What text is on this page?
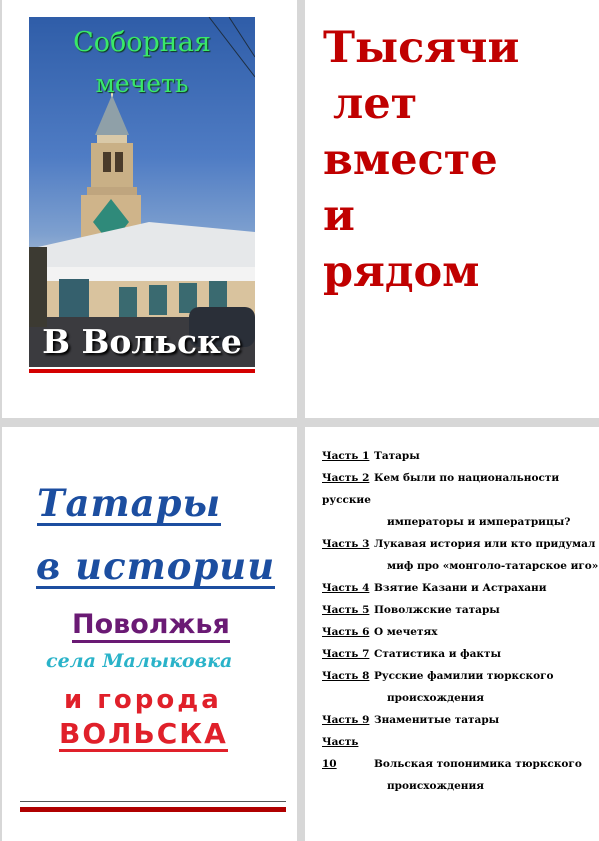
Соборная
мечеть
В Вольске
Тысячи
лет
вместе
и
рядом
Татары
в истории
Поволжья
села Малыковка
и города
ВОЛЬСКА
Часть 1 Татары
Часть 2 Кем были по национальности русские
императоры и императрицы?
Часть 3 Лукавая история или кто придумал
миф про «монголо-татарское иго»
Часть 4 Взятие Казани и Астрахани
Часть 5 Поволжские татары
Часть 6 О мечетях
Часть 7 Статистика и факты
Часть 8 Русские фамилии тюркского
происхождения
Часть 9 Знаменитые татары
Часть 10	Вольская топонимика тюркского
происхождения
